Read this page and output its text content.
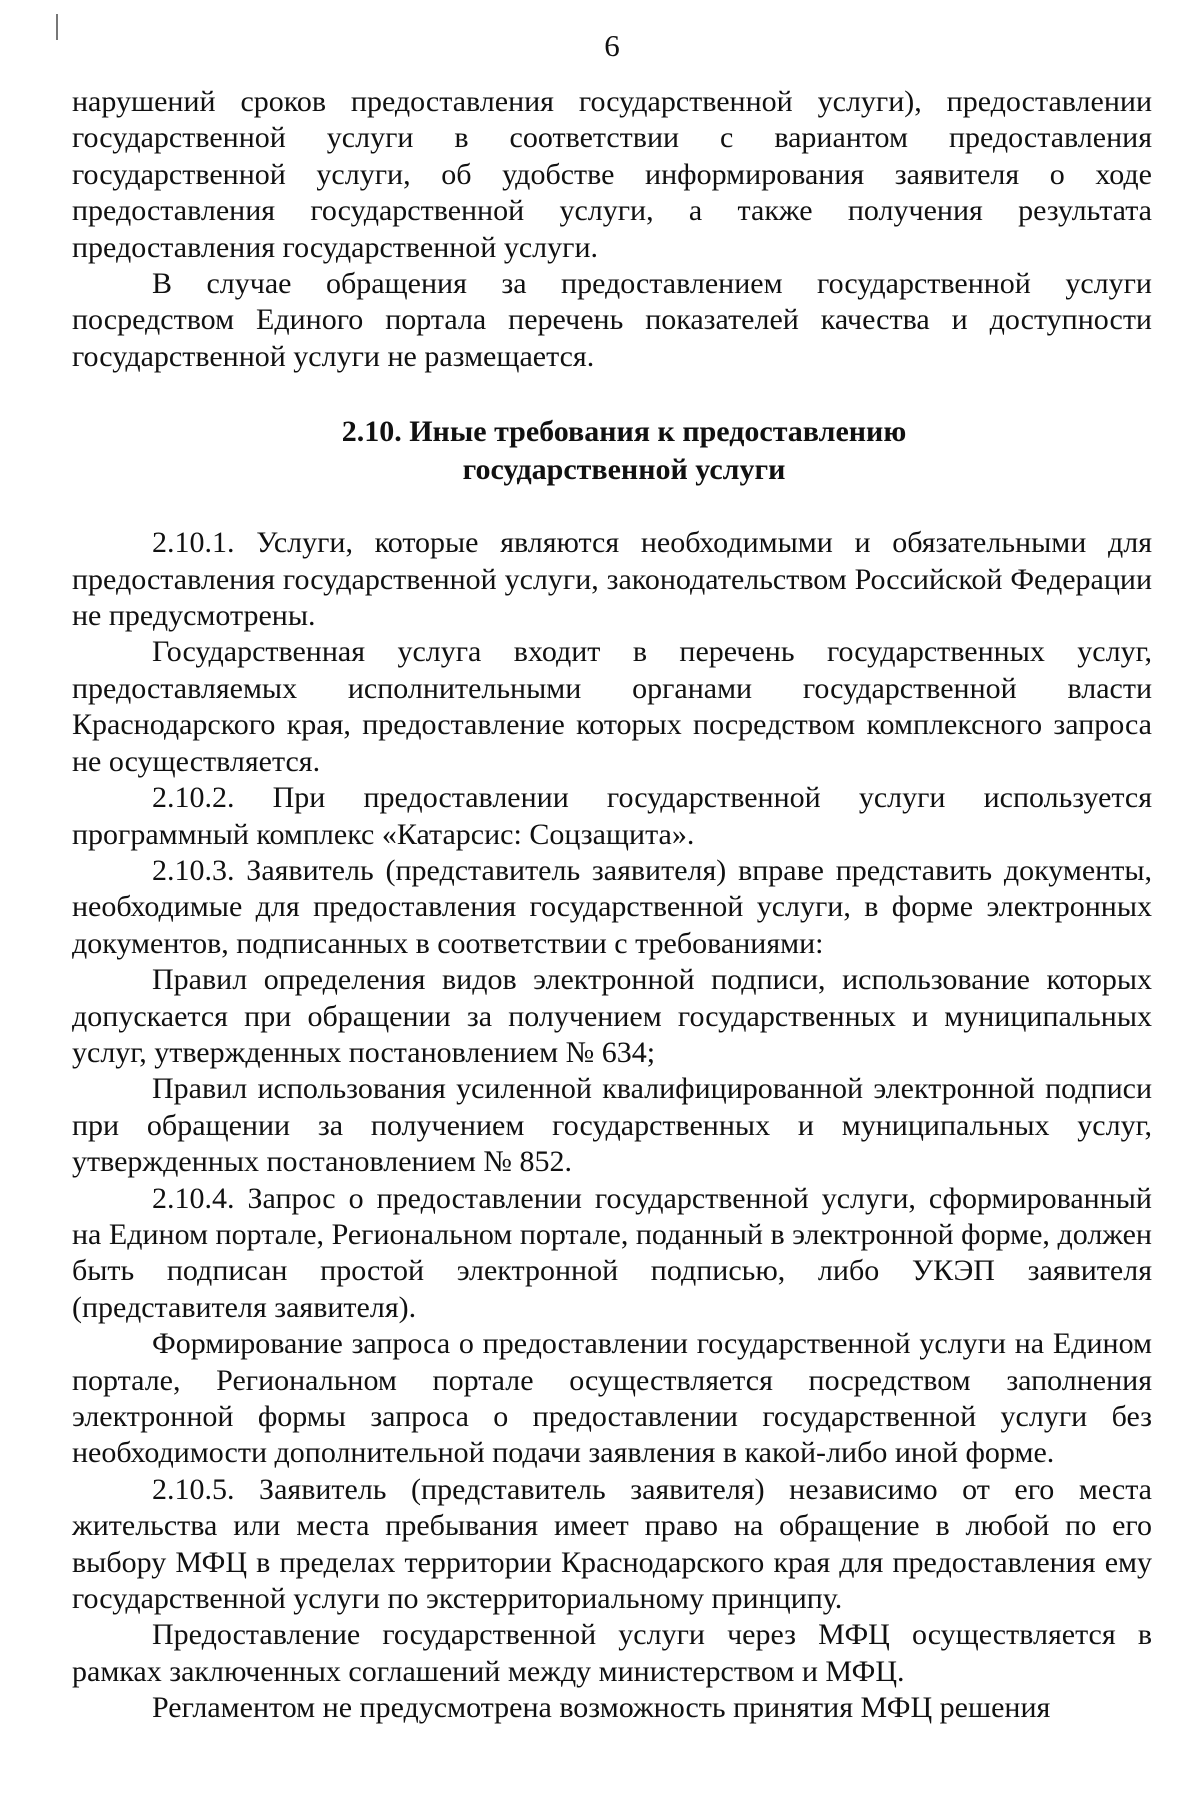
6

нарушений сроков предоставления государственной услуги), предоставлении государственной услуги в соответствии с вариантом предоставления государственной услуги, об удобстве информирования заявителя о ходе предоставления государственной услуги, а также получения результата предоставления государственной услуги.

В случае обращения за предоставлением государственной услуги посредством Единого портала перечень показателей качества и доступности государственной услуги не размещается.

2.10. Иные требования к предоставлению
государственной услуги

2.10.1. Услуги, которые являются необходимыми и обязательными для предоставления государственной услуги, законодательством Российской Федерации не предусмотрены.

Государственная услуга входит в перечень государственных услуг, предоставляемых исполнительными органами государственной власти Краснодарского края, предоставление которых посредством комплексного запроса не осуществляется.

2.10.2. При предоставлении государственной услуги используется программный комплекс «Катарсис: Соцзащита».

2.10.3. Заявитель (представитель заявителя) вправе представить документы, необходимые для предоставления государственной услуги, в форме электронных документов, подписанных в соответствии с требованиями:

Правил определения видов электронной подписи, использование которых допускается при обращении за получением государственных и муниципальных услуг, утвержденных постановлением № 634;

Правил использования усиленной квалифицированной электронной подписи при обращении за получением государственных и муниципальных услуг, утвержденных постановлением № 852.

2.10.4. Запрос о предоставлении государственной услуги, сформированный на Едином портале, Региональном портале, поданный в электронной форме, должен быть подписан простой электронной подписью, либо УКЭП заявителя (представителя заявителя).

Формирование запроса о предоставлении государственной услуги на Едином портале, Региональном портале осуществляется посредством заполнения электронной формы запроса о предоставлении государственной услуги без необходимости дополнительной подачи заявления в какой-либо иной форме.

2.10.5. Заявитель (представитель заявителя) независимо от его места жительства или места пребывания имеет право на обращение в любой по его выбору МФЦ в пределах территории Краснодарского края для предоставления ему государственной услуги по экстерриториальному принципу.

Предоставление государственной услуги через МФЦ осуществляется в рамках заключенных соглашений между министерством и МФЦ.

Регламентом не предусмотрена возможность принятия МФЦ решения
